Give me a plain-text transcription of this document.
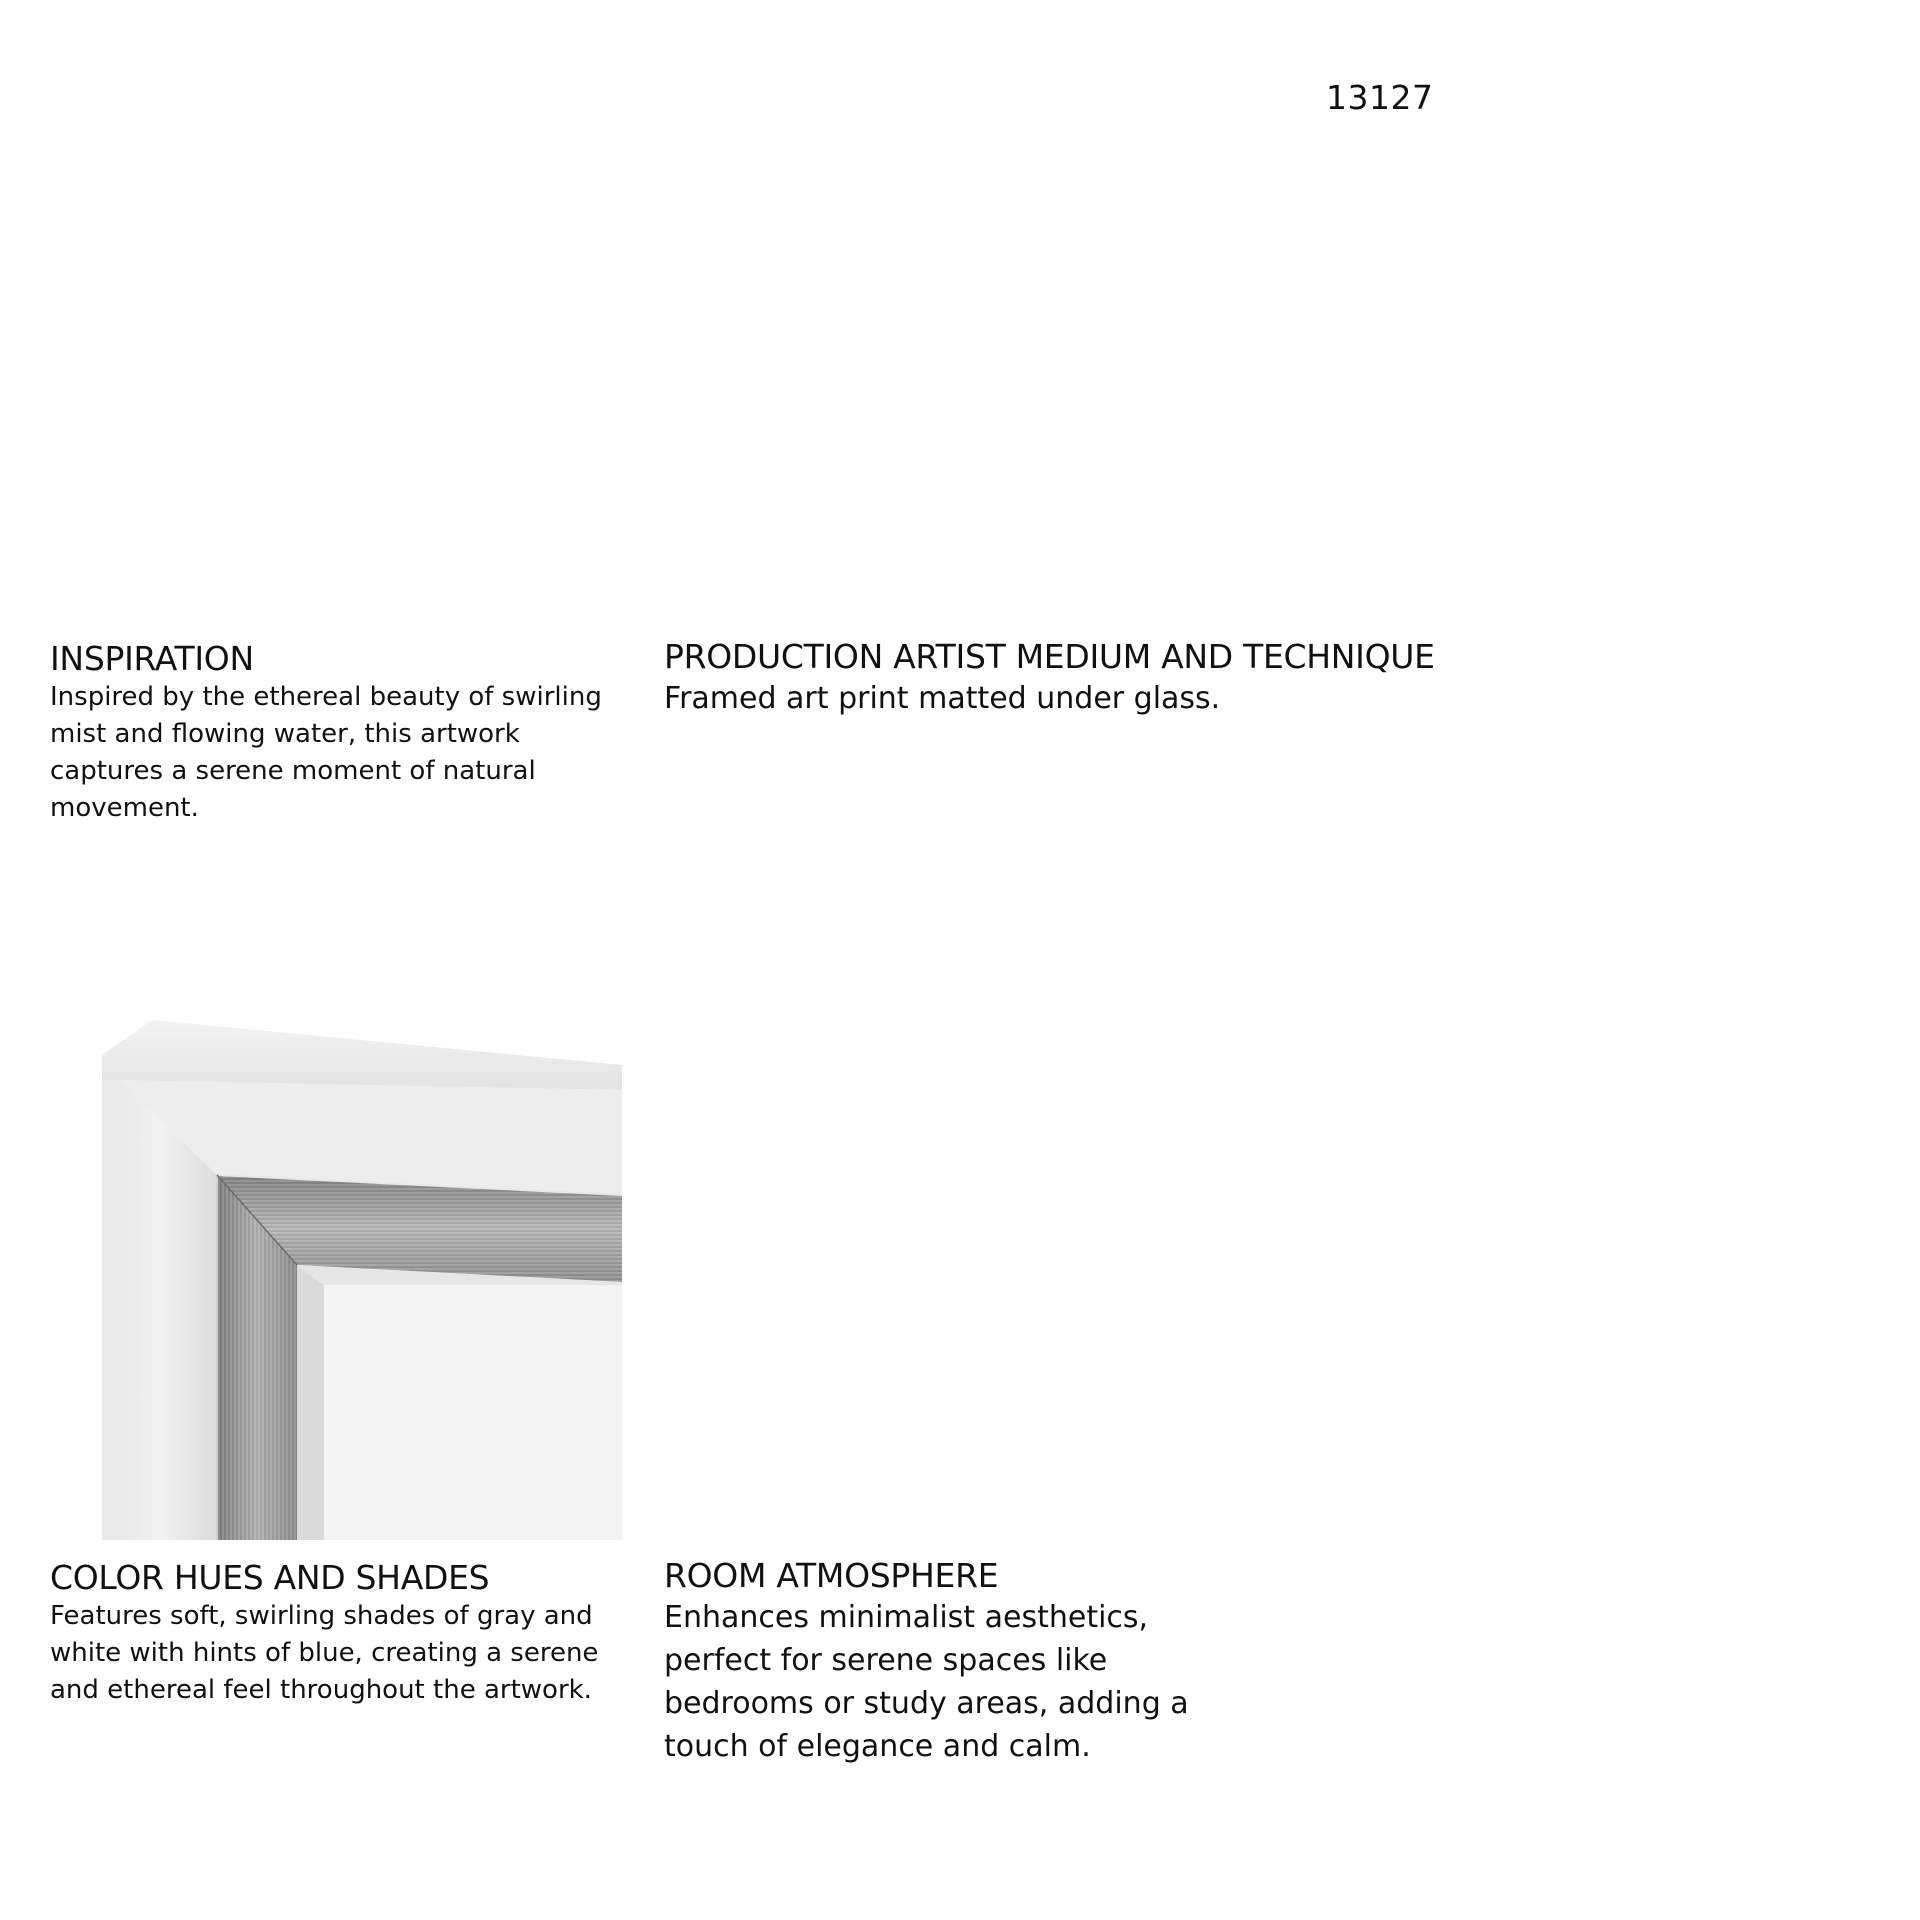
13127
INSPIRATION

Inspired by the ethereal beauty of swirling mist and flowing water, this artwork captures a serene moment of natural movement.

PRODUCTION ARTIST MEDIUM AND TECHNIQUE

Framed art print matted under glass.

COLOR HUES AND SHADES

Features soft, swirling shades of gray and white with hints of blue, creating a serene and ethereal feel throughout the artwork.

ROOM ATMOSPHERE

Enhances minimalist aesthetics, perfect for serene spaces like bedrooms or study areas, adding a touch of elegance and calm.
